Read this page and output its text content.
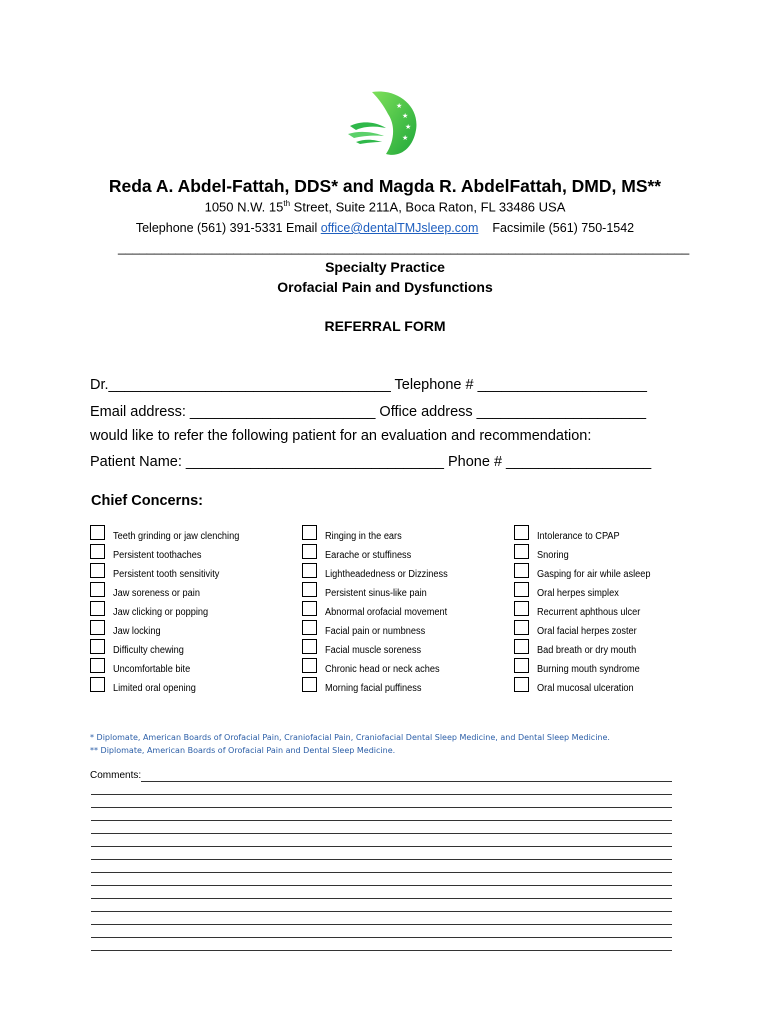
★
★
★
★
Reda A. Abdel-Fattah, DDS* and Magda R. AbdelFattah, DMD, MS**
1050 N.W. 15th Street, Suite 211A, Boca Raton, FL 33486 USA
Telephone (561) 391-5331 Email office@dentalTMJsleep.com Facsimile (561) 750-1542
_______________________________________________________________________________
Specialty Practice
Orofacial Pain and Dysfunctions
REFERRAL FORM
Dr.___________________________________ Telephone # _____________________
Email address: _______________________ Office address _____________________
would like to refer the following patient for an evaluation and recommendation:
Patient Name: ________________________________ Phone # __________________
Chief Concerns:
Teeth grinding or jaw clenching
Persistent toothaches
Persistent tooth sensitivity
Jaw soreness or pain
Jaw clicking or popping
Jaw locking
Difficulty chewing
Uncomfortable bite
Limited oral opening
Ringing in the ears
Earache or stuffiness
Lightheadedness or Dizziness
Persistent sinus-like pain
Abnormal orofacial movement
Facial pain or numbness
Facial muscle soreness
Chronic head or neck aches
Morning facial puffiness
Intolerance to CPAP
Snoring
Gasping for air while asleep
Oral herpes simplex
Recurrent aphthous ulcer
Oral facial herpes zoster
Bad breath or dry mouth
Burning mouth syndrome
Oral mucosal ulceration
* Diplomate, American Boards of Orofacial Pain, Craniofacial Pain, Craniofacial Dental Sleep Medicine, and Dental Sleep Medicine.
** Diplomate, American Boards of Orofacial Pain and Dental Sleep Medicine.
Comments:
